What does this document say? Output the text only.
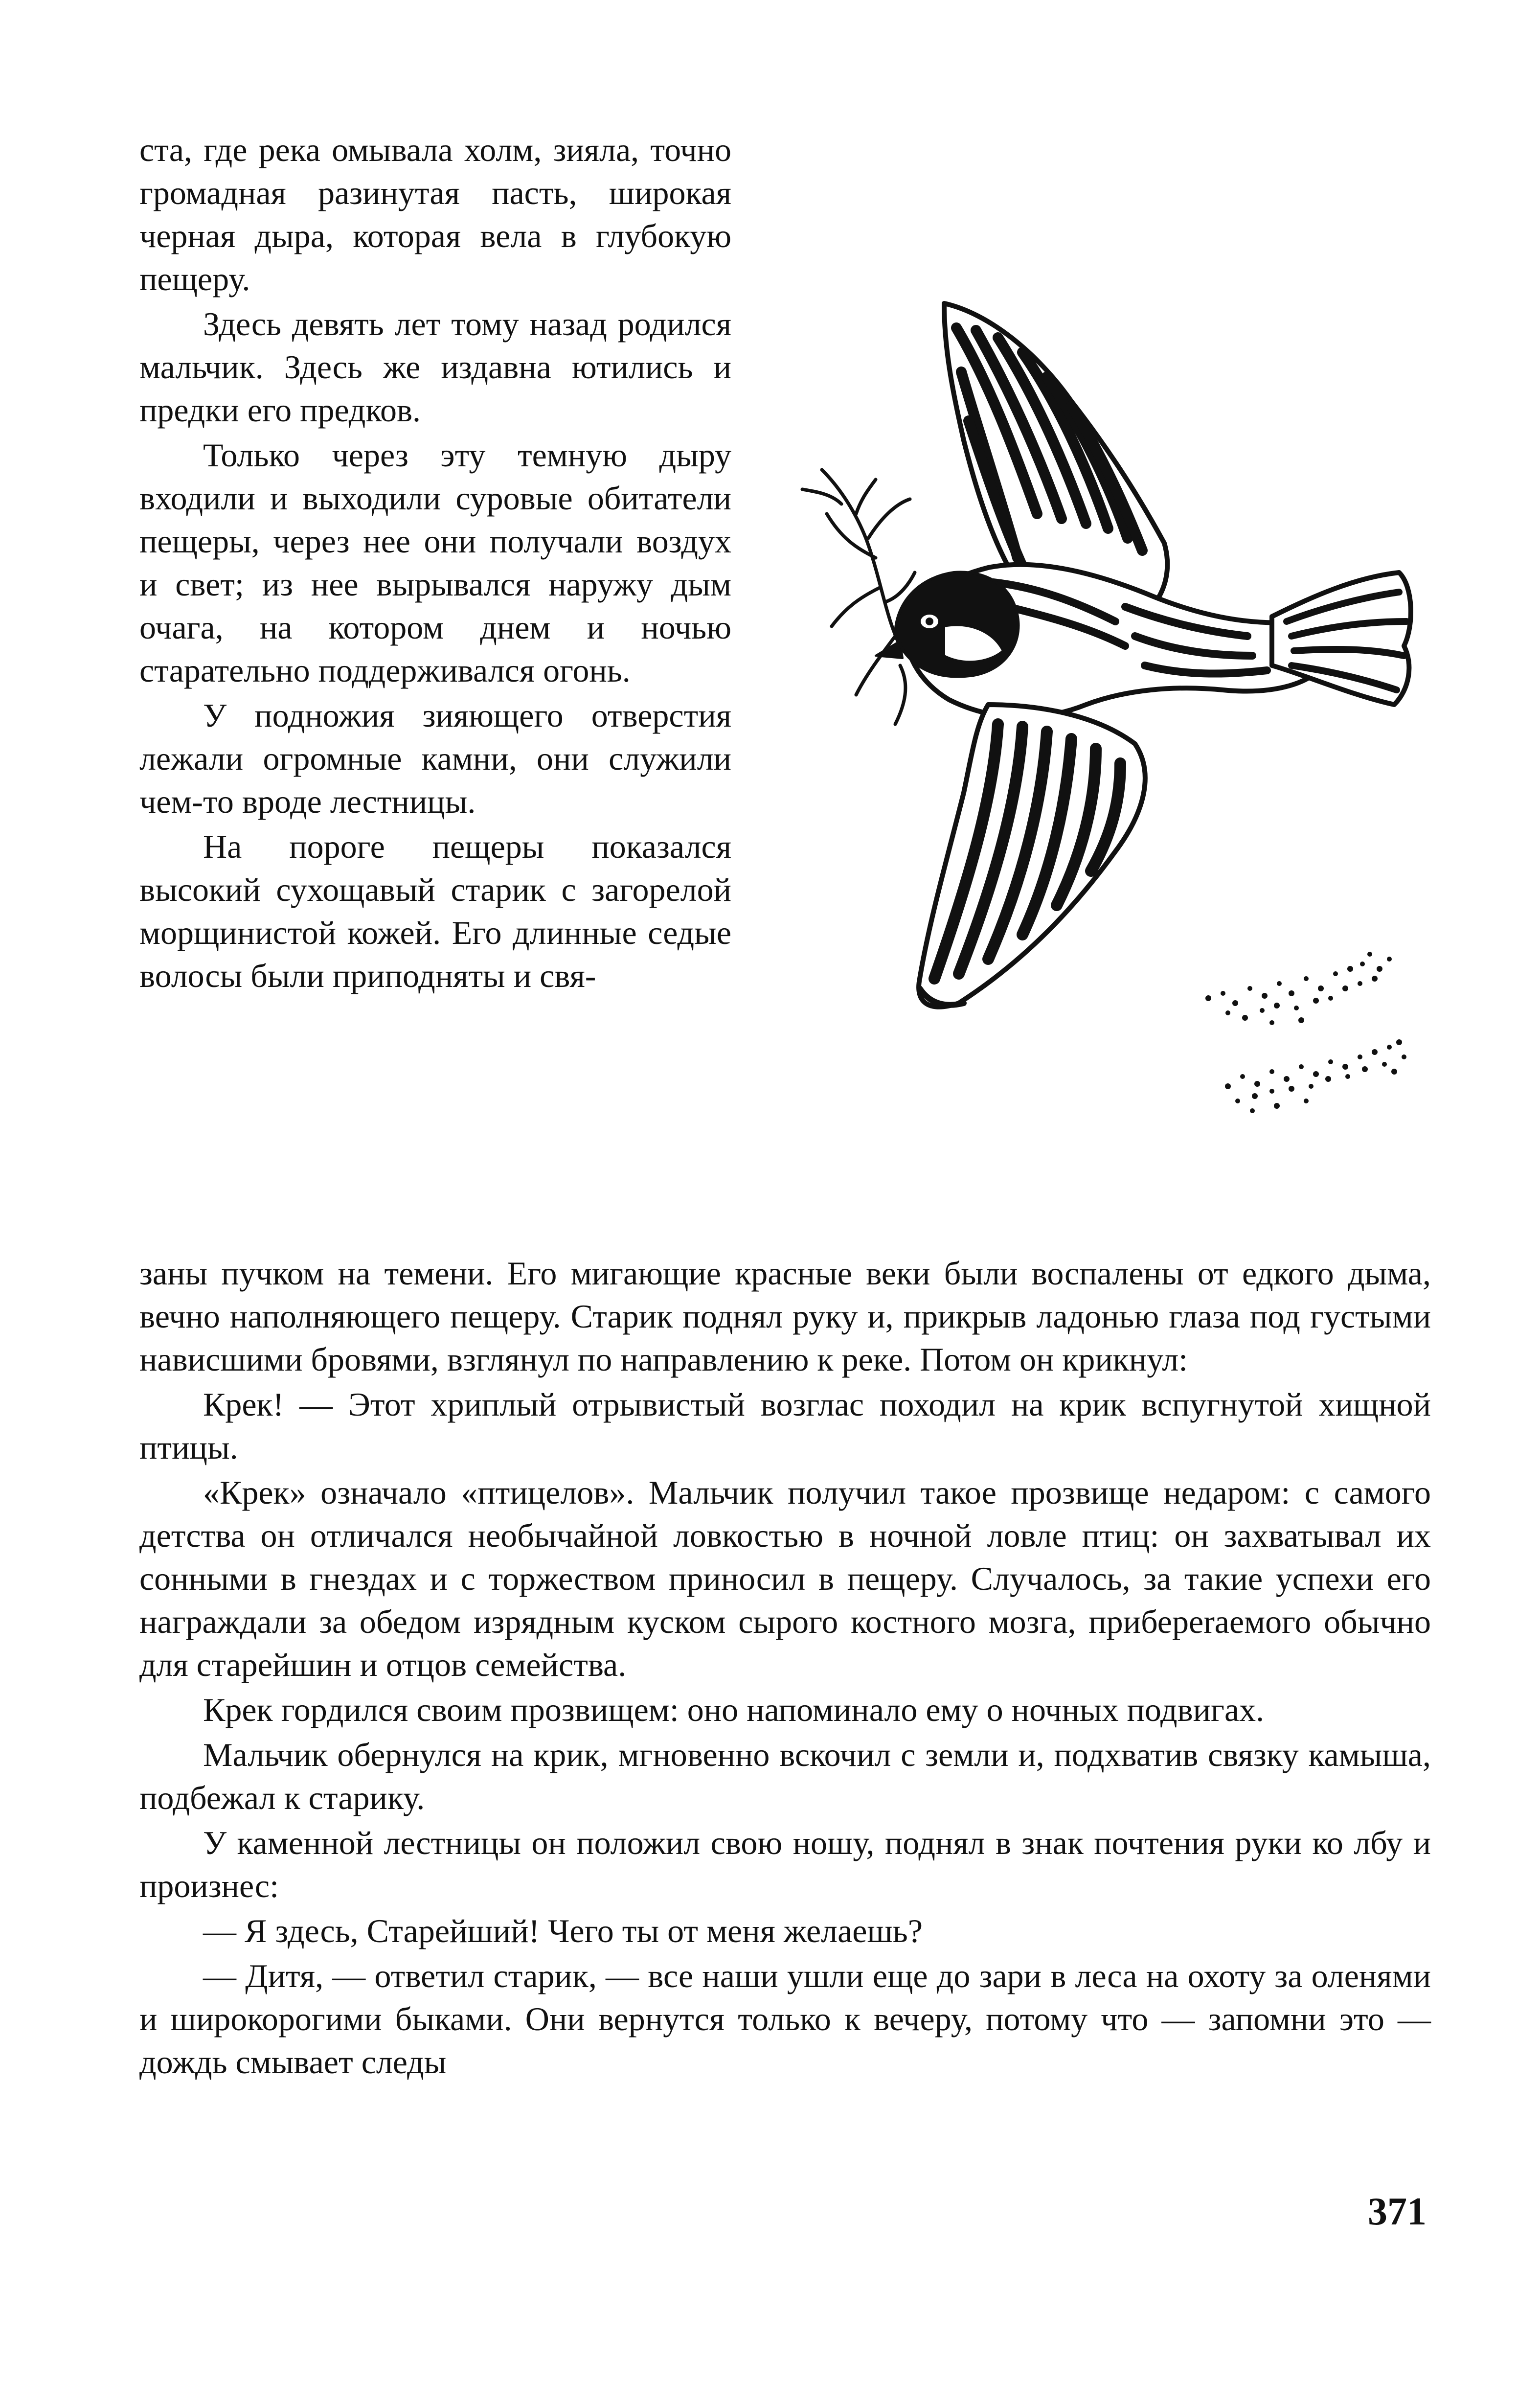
ста, где река омывала холм, зияла, точно громадная разинутая пасть, широкая черная дыра, которая вела в глубокую пещеру.

Здесь девять лет тому назад родился мальчик. Здесь же издавна ютились и предки его предков.

Только через эту темную дыру входили и выходили суровые обитатели пещеры, через нее они получали воздух и свет; из нее вырывался наружу дым очага, на котором днем и ночью старательно поддерживался огонь.

У подножия зияющего отверстия лежали огромные камни, они служили чем-то вроде лестницы.

На пороге пещеры показался высокий сухощавый старик с загорелой морщинистой кожей. Его длинные седые волосы были приподняты и свя-

заны пучком на темени. Его мигающие красные веки были воспалены от едкого дыма, вечно наполняющего пещеру. Старик поднял руку и, прикрыв ладонью глаза под густыми нависшими бровями, взглянул по направлению к реке. Потом он крикнул:

Крек! — Этот хриплый отрывистый возглас походил на крик вспугнутой хищной птицы.

«Крек» означало «птицелов». Мальчик получил такое прозвище недаром: с самого детства он отличался необычайной ловкостью в ночной ловле птиц: он захватывал их сонными в гнездах и с торжеством приносил в пещеру. Случалось, за такие успехи его награждали за обедом изрядным куском сырого костного мозга, прибереrаемого обычно для старейшин и отцов семейства.

Крек гордился своим прозвищем: оно напоминало ему о ночных подвигах.

Мальчик обернулся на крик, мгновенно вскочил с земли и, подхватив связку камыша, подбежал к старику.

У каменной лестницы он положил свою ношу, поднял в знак почтения руки ко лбу и произнес:

— Я здесь, Старейший! Чего ты от меня желаешь?

— Дитя, — ответил старик, — все наши ушли еще до зари в леса на охоту за оленями и широкорогими быками. Они вернутся только к вечеру, потому что — запомни это — дождь смывает следы

371
